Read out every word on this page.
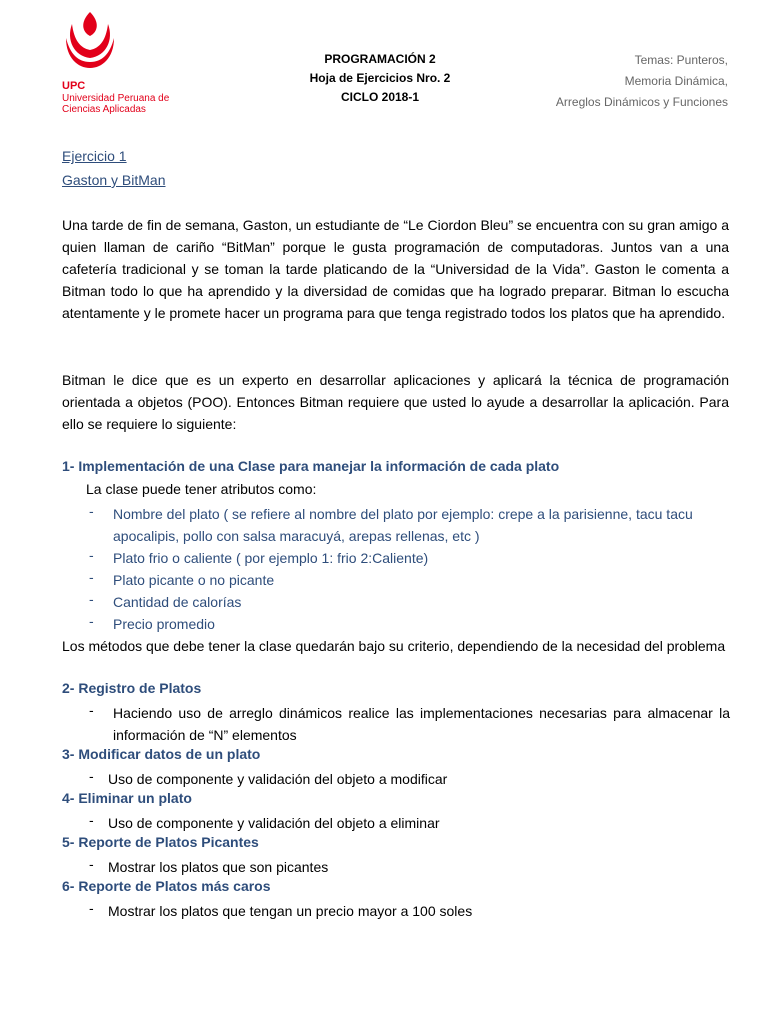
UPC
Universidad Peruana de Ciencias Aplicadas
PROGRAMACIÓN 2
Hoja de Ejercicios Nro. 2
CICLO 2018-1
Temas: Punteros,
Memoria Dinámica,
Arreglos Dinámicos y Funciones
Ejercicio 1
Gaston y BitMan
Una tarde de fin de semana, Gaston, un estudiante de “Le Ciordon Bleu” se encuentra con su gran amigo a quien llaman de cariño “BitMan” porque le gusta programación de computadoras. Juntos van a una cafetería tradicional y se toman la tarde platicando de la “Universidad de la Vida”. Gaston le comenta a Bitman todo lo que ha aprendido y la diversidad de comidas que ha logrado preparar. Bitman lo escucha atentamente y le promete hacer un programa para que tenga registrado todos los platos que ha aprendido.
Bitman le dice que es un experto en desarrollar aplicaciones y aplicará la técnica de programación orientada a objetos (POO). Entonces Bitman requiere que usted lo ayude a desarrollar la aplicación. Para ello se requiere lo siguiente:
1- Implementación de una Clase para manejar la información de cada plato
La clase puede tener atributos como:
- Nombre del plato ( se refiere al nombre del plato por ejemplo: crepe a la parisienne, tacu tacu apocalipis, pollo con salsa maracuyá, arepas rellenas, etc )
- Plato frio o caliente ( por ejemplo 1: frio 2:Caliente)
- Plato picante o no picante
- Cantidad de calorías
- Precio promedio
Los métodos que debe tener la clase quedarán bajo su criterio, dependiendo de la necesidad del problema
2- Registro de Platos
- Haciendo uso de arreglo dinámicos realice las implementaciones necesarias para almacenar la información de “N” elementos
3- Modificar datos de un plato
- Uso de componente y validación del objeto a modificar
4- Eliminar un plato
- Uso de componente y validación del objeto a eliminar
5- Reporte de Platos Picantes
- Mostrar los platos que son picantes
6- Reporte de Platos más caros
- Mostrar los platos que tengan un precio mayor a 100 soles
